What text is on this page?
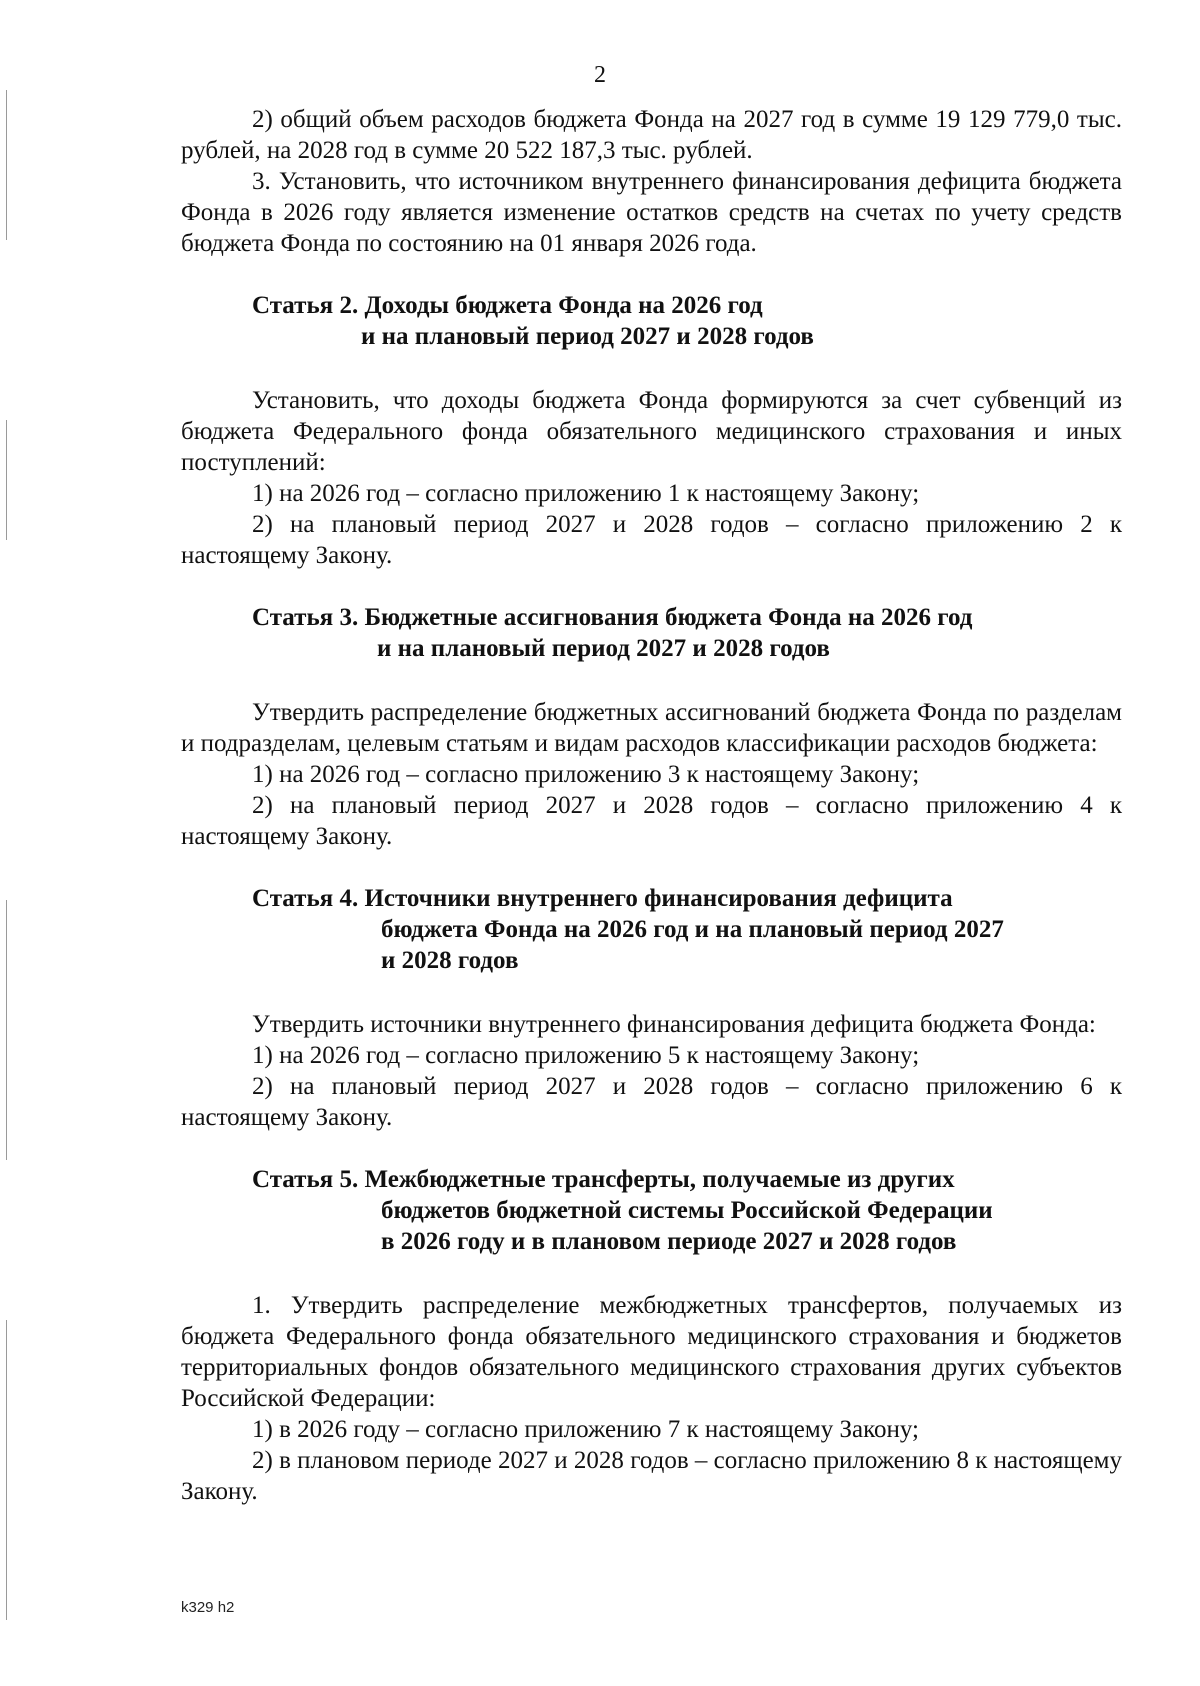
2

2) общий объем расходов бюджета Фонда на 2027 год в сумме 19 129 779,0 тыс. рублей, на 2028 год в сумме 20 522 187,3 тыс. рублей.

3. Установить, что источником внутреннего финансирования дефицита бюджета Фонда в 2026 году является изменение остатков средств на счетах по учету средств бюджета Фонда по состоянию на 01 января 2026 года.

Статья 2. Доходы бюджета Фонда на 2026 год
и на плановый период 2027 и 2028 годов

Установить, что доходы бюджета Фонда формируются за счет субвенций из бюджета Федерального фонда обязательного медицинского страхования и иных поступлений:

1) на 2026 год – согласно приложению 1 к настоящему Закону;

2) на плановый период 2027 и 2028 годов – согласно приложению 2 к настоящему Закону.

Статья 3. Бюджетные ассигнования бюджета Фонда на 2026 год
и на плановый период 2027 и 2028 годов

Утвердить распределение бюджетных ассигнований бюджета Фонда по разделам и подразделам, целевым статьям и видам расходов классификации расходов бюджета:

1) на 2026 год – согласно приложению 3 к настоящему Закону;

2) на плановый период 2027 и 2028 годов – согласно приложению 4 к настоящему Закону.

Статья 4. Источники внутреннего финансирования дефицита
бюджета Фонда на 2026 год и на плановый период 2027
и 2028 годов

Утвердить источники внутреннего финансирования дефицита бюджета Фонда:

1) на 2026 год – согласно приложению 5 к настоящему Закону;

2) на плановый период 2027 и 2028 годов – согласно приложению 6 к настоящему Закону.

Статья 5. Межбюджетные трансферты, получаемые из других
бюджетов бюджетной системы Российской Федерации
в 2026 году и в плановом периоде 2027 и 2028 годов

1. Утвердить распределение межбюджетных трансфертов, получаемых из бюджета Федерального фонда обязательного медицинского страхования и бюджетов территориальных фондов обязательного медицинского страхования других субъектов Российской Федерации:

1) в 2026 году – согласно приложению 7 к настоящему Закону;

2) в плановом периоде 2027 и 2028 годов – согласно приложению 8 к настоящему Закону.

k329 h2
